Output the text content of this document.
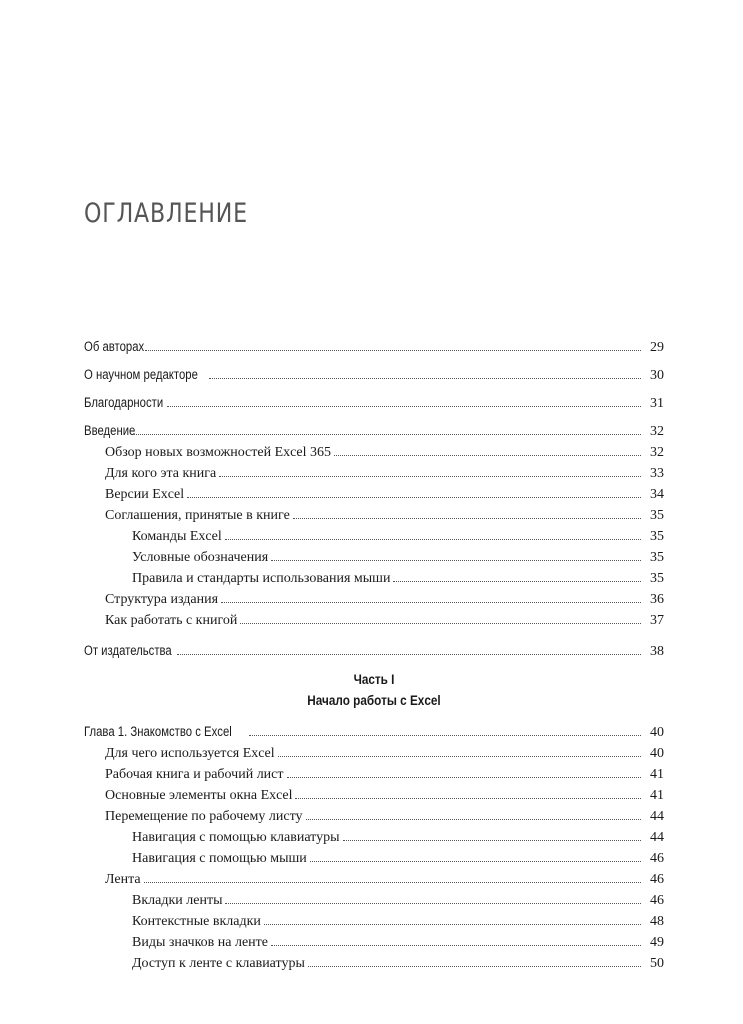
ОГЛАВЛЕНИЕ
Об авторах	29
О научном редакторе	30
Благодарности	31
Введение	32
Обзор новых возможностей Excel 365	32
Для кого эта книга	33
Версии Excel	34
Соглашения, принятые в книге	35
Команды Excel	35
Условные обозначения	35
Правила и стандарты использования мыши	35
Структура издания	36
Как работать с книгой	37
От издательства	38
Часть I
Начало работы с Excel
Глава 1. Знакомство с Excel	40
Для чего используется Excel	40
Рабочая книга и рабочий лист	41
Основные элементы окна Excel	41
Перемещение по рабочему листу	44
Навигация с помощью клавиатуры	44
Навигация с помощью мыши	46
Лента	46
Вкладки ленты	46
Контекстные вкладки	48
Виды значков на ленте	49
Доступ к ленте с клавиатуры	50
